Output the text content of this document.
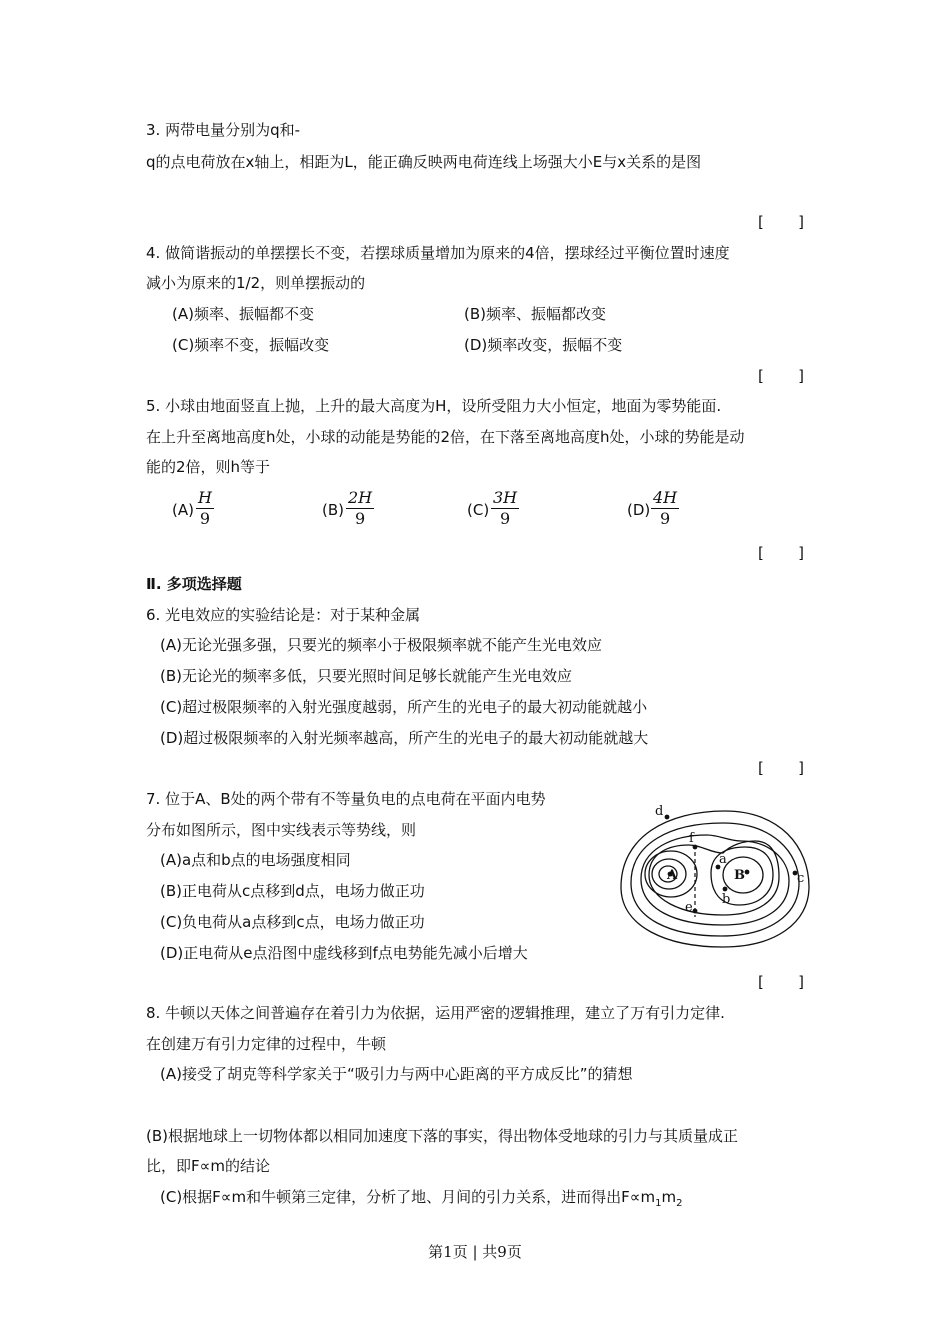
3. 两带电量分别为q和-
q的点电荷放在x轴上，相距为L，能正确反映两电荷连线上场强大小E与x关系的是图
[ ]
4. 做简谐振动的单摆摆长不变，若摆球质量增加为原来的4倍，摆球经过平衡位置时速度
减小为原来的1/2，则单摆振动的
(A)频率、振幅都不变	(B)频率、振幅都改变
(C)频率不变，振幅改变	(D)频率改变，振幅不变
[ ]
5. 小球由地面竖直上抛，上升的最大高度为H，设所受阻力大小恒定，地面为零势能面.
在上升至离地高度h处，小球的动能是势能的2倍，在下落至离地高度h处，小球的势能是动
能的2倍，则h等于
$(A) \frac{H}{9}$	$(B) \frac{2H}{9}$	$(C) \frac{3H}{9}$	$(D) \frac{4H}{9}$
[ ]
Ⅱ. 多项选择题
6. 光电效应的实验结论是：对于某种金属
(A)无论光强多强，只要光的频率小于极限频率就不能产生光电效应
(B)无论光的频率多低，只要光照时间足够长就能产生光电效应
(C)超过极限频率的入射光强度越弱，所产生的光电子的最大初动能就越小
(D)超过极限频率的入射光频率越高，所产生的光电子的最大初动能就越大
[ ]
7. 位于A、B处的两个带有不等量负电的点电荷在平面内电势
分布如图所示，图中实线表示等势线，则
(A)a点和b点的电场强度相同
(B)正电荷从c点移到d点，电场力做正功
(C)负电荷从a点移到c点，电场力做正功
(D)正电荷从e点沿图中虚线移到f点电势能先减小后增大
d
f
a
A	B
b
c
e
[ ]
8. 牛顿以天体之间普遍存在着引力为依据，运用严密的逻辑推理，建立了万有引力定律.
在创建万有引力定律的过程中，牛顿
(A)接受了胡克等科学家关于“吸引力与两中心距离的平方成反比”的猜想
(B)根据地球上一切物体都以相同加速度下落的事实，得出物体受地球的引力与其质量成正
比，即F∝m的结论
(C)根据F∝m和牛顿第三定律，分析了地、月间的引力关系，进而得出$F\propto m_1m_2$
第1页 | 共9页
